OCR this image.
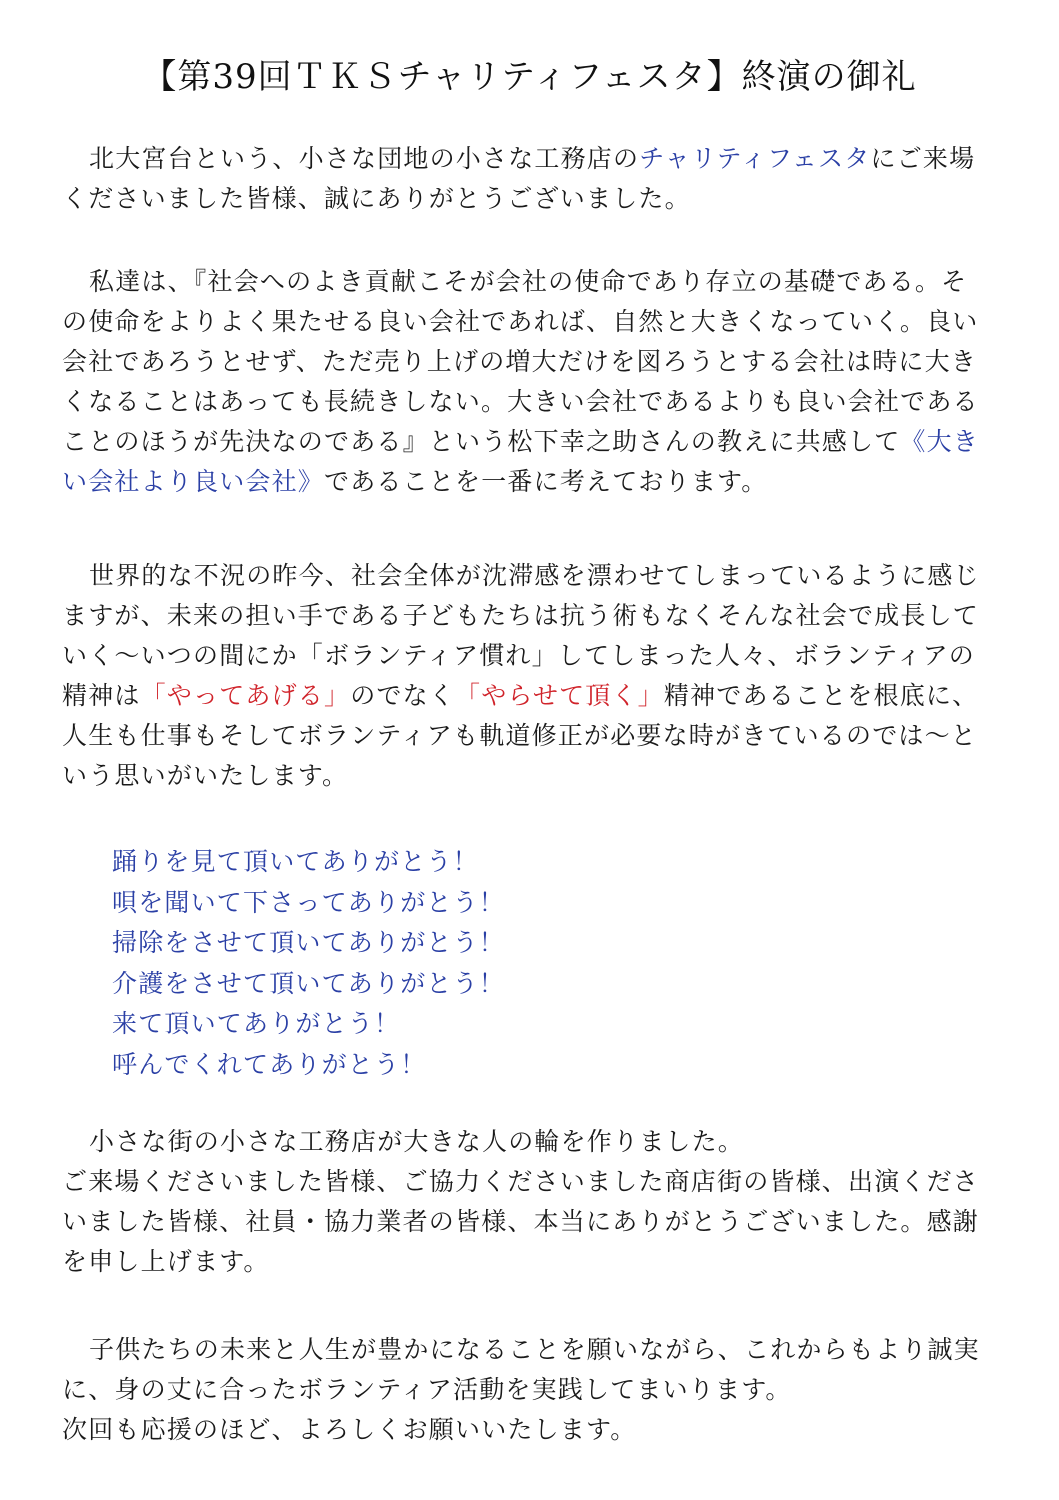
【第39回ＴＫＳチャリティフェスタ】終演の御礼

北大宮台という、小さな団地の小さな工務店のチャリティフェスタにご来場
くださいました皆様、誠にありがとうございました。

私達は、『社会へのよき貢献こそが会社の使命であり存立の基礎である。そ
の使命をよりよく果たせる良い会社であれば、自然と大きくなっていく。良い
会社であろうとせず、ただ売り上げの増大だけを図ろうとする会社は時に大き
くなることはあっても長続きしない。大きい会社であるよりも良い会社である
ことのほうが先決なのである』という松下幸之助さんの教えに共感して《大き
い会社より良い会社》であることを一番に考えております。

世界的な不況の昨今、社会全体が沈滞感を漂わせてしまっているように感じ
ますが、未来の担い手である子どもたちは抗う術もなくそんな社会で成長して
いく～いつの間にか「ボランティア慣れ」してしまった人々、ボランティアの
精神は「やってあげる」のでなく「やらせて頂く」精神であることを根底に、
人生も仕事もそしてボランティアも軌道修正が必要な時がきているのでは～と
いう思いがいたします。

踊りを見て頂いてありがとう！
唄を聞いて下さってありがとう！
掃除をさせて頂いてありがとう！
介護をさせて頂いてありがとう！
来て頂いてありがとう！
呼んでくれてありがとう！

小さな街の小さな工務店が大きな人の輪を作りました。
ご来場くださいました皆様、ご協力くださいました商店街の皆様、出演くださ
いました皆様、社員・協力業者の皆様、本当にありがとうございました。感謝
を申し上げます。

子供たちの未来と人生が豊かになることを願いながら、これからもより誠実
に、身の丈に合ったボランティア活動を実践してまいります。
次回も応援のほど、よろしくお願いいたします。
